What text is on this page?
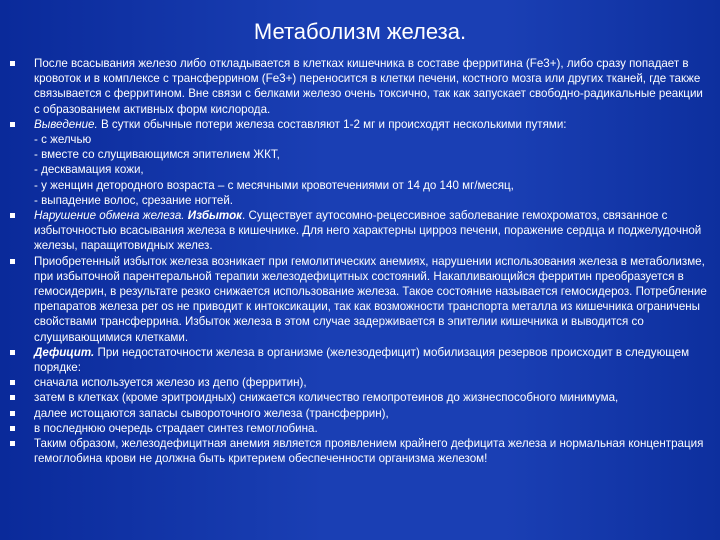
Метаболизм железа.
После всасывания железо либо откладывается в клетках кишечника в составе ферритина (Fe3+), либо сразу попадает в кровоток и в комплексе с трансферрином (Fe3+) переносится в клетки печени, костного мозга или других тканей, где также связывается с ферритином. Вне связи с белками железо очень токсично, так как запускает свободно-радикальные реакции с образованием активных форм кислорода.
Выведение. В сутки обычные потери железа составляют 1-2 мг и происходят несколькими путями:
- с желчью
- вместе со слущивающимся эпителием ЖКТ,
- десквамация кожи,
- у женщин детородного возраста – с месячными кровотечениями от 14 до 140 мг/месяц,
- выпадение волос, срезание ногтей.
Нарушение обмена железа. Избыток. Существует аутосомно-рецессивное заболевание гемохроматоз, связанное с избыточностью всасывания железа в кишечнике. Для него характерны цирроз печени, поражение сердца и поджелудочной железы, паращитовидных желез.
Приобретенный избыток железа возникает при гемолитических анемиях, нарушении использования железа в метаболизме, при избыточной парентеральной терапии железодефицитных состояний. Накапливающийся ферритин преобразуется в гемосидерин, в результате резко снижается использование железа. Такое состояние называется гемосидероз. Потребление препаратов железа per os не приводит к интоксикации, так как возможности транспорта металла из кишечника ограничены свойствами трансферрина. Избыток железа в этом случае задерживается в эпителии кишечника и выводится со слущивающимися клетками.
Дефицит. При недостаточности железа в организме (железодефицит) мобилизация резервов происходит в следующем порядке:
сначала используется железо из депо (ферритин),
затем в клетках (кроме эритроидных) снижается количество гемопротеинов до жизнеспособного минимума,
далее истощаются запасы сывороточного железа (трансферрин),
в последнюю очередь страдает синтез гемоглобина.
Таким образом, железодефицитная анемия является проявлением крайнего дефицита железа и нормальная концентрация гемоглобина крови не должна быть критерием обеспеченности организма железом!
